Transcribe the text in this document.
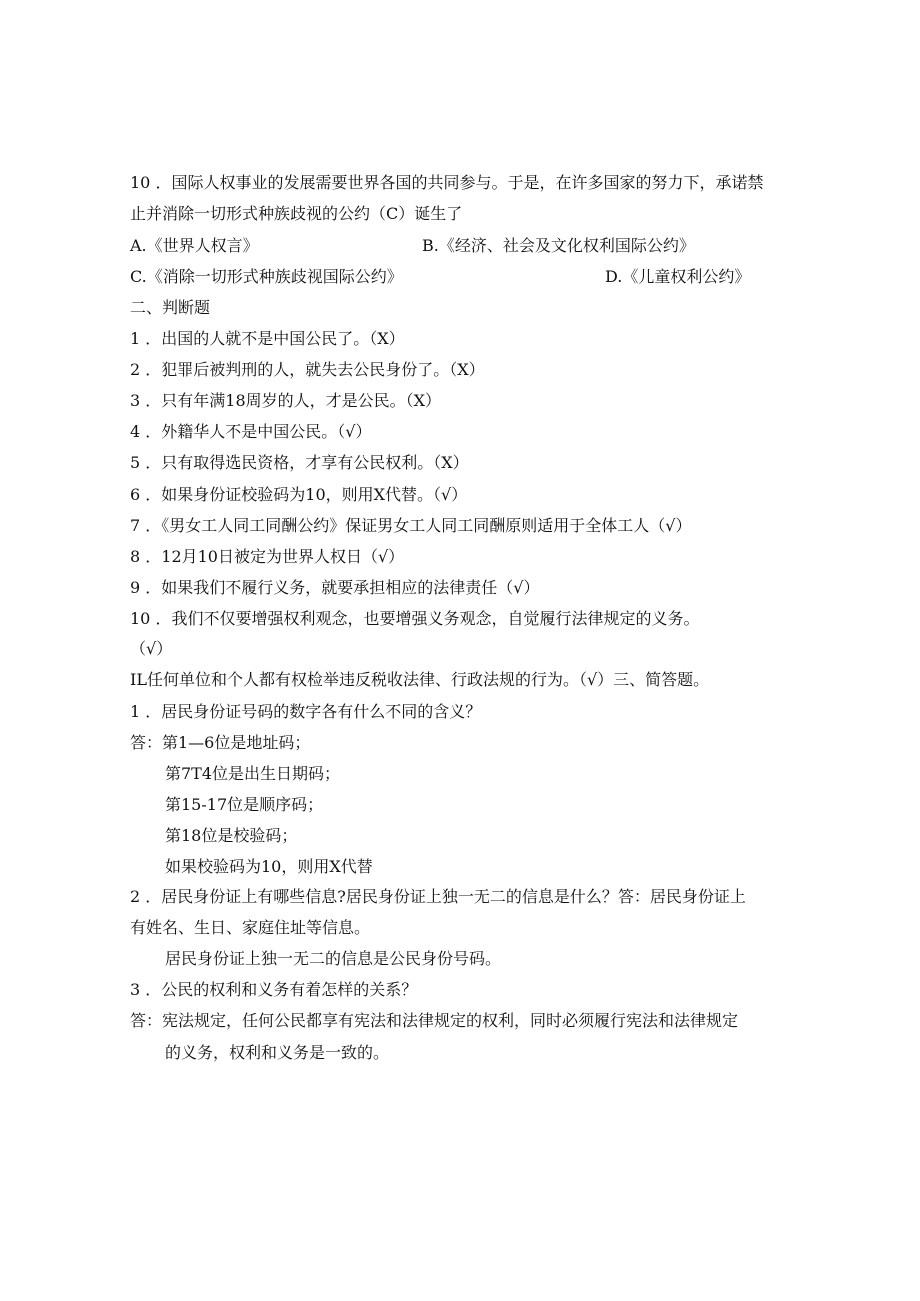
10 ．国际人权事业的发展需要世界各国的共同参与。于是，在许多国家的努力下，承诺禁
止并消除一切形式种族歧视的公约（C）诞生了
A.《世界人权言》	B.《经济、社会及文化权利国际公约》
C.《消除一切形式种族歧视国际公约》	D.《儿童权利公约》
二、判断题
1 ．出国的人就不是中国公民了。（X）
2 ．犯罪后被判刑的人，就失去公民身份了。（X）
3 ．只有年满18周岁的人，才是公民。（X）
4 ．外籍华人不是中国公民。（√）
5 ．只有取得选民资格，才享有公民权利。（X）
6 ．如果身份证校验码为10，则用X代替。（√）
7 ．《男女工人同工同酬公约》保证男女工人同工同酬原则适用于全体工人（√）
8 ．12月10日被定为世界人权日（√）
9 ．如果我们不履行义务，就要承担相应的法律责任（√）
10 ．我们不仅要增强权利观念，也要增强义务观念，自觉履行法律规定的义务。
（√）
IL任何单位和个人都有权检举违反税收法律、行政法规的行为。（√）三、简答题。
1 ．居民身份证号码的数字各有什么不同的含义？
答：第1—6位是地址码；
第7T4位是出生日期码；
第15-17位是顺序码；
第18位是校验码；
如果校验码为10，则用X代替
2 ．居民身份证上有哪些信息?居民身份证上独一无二的信息是什么？答：居民身份证上
有姓名、生日、家庭住址等信息。
居民身份证上独一无二的信息是公民身份号码。
3 ．公民的权利和义务有着怎样的关系？
答：宪法规定，任何公民都享有宪法和法律规定的权利，同时必须履行宪法和法律规定
的义务，权利和义务是一致的。
